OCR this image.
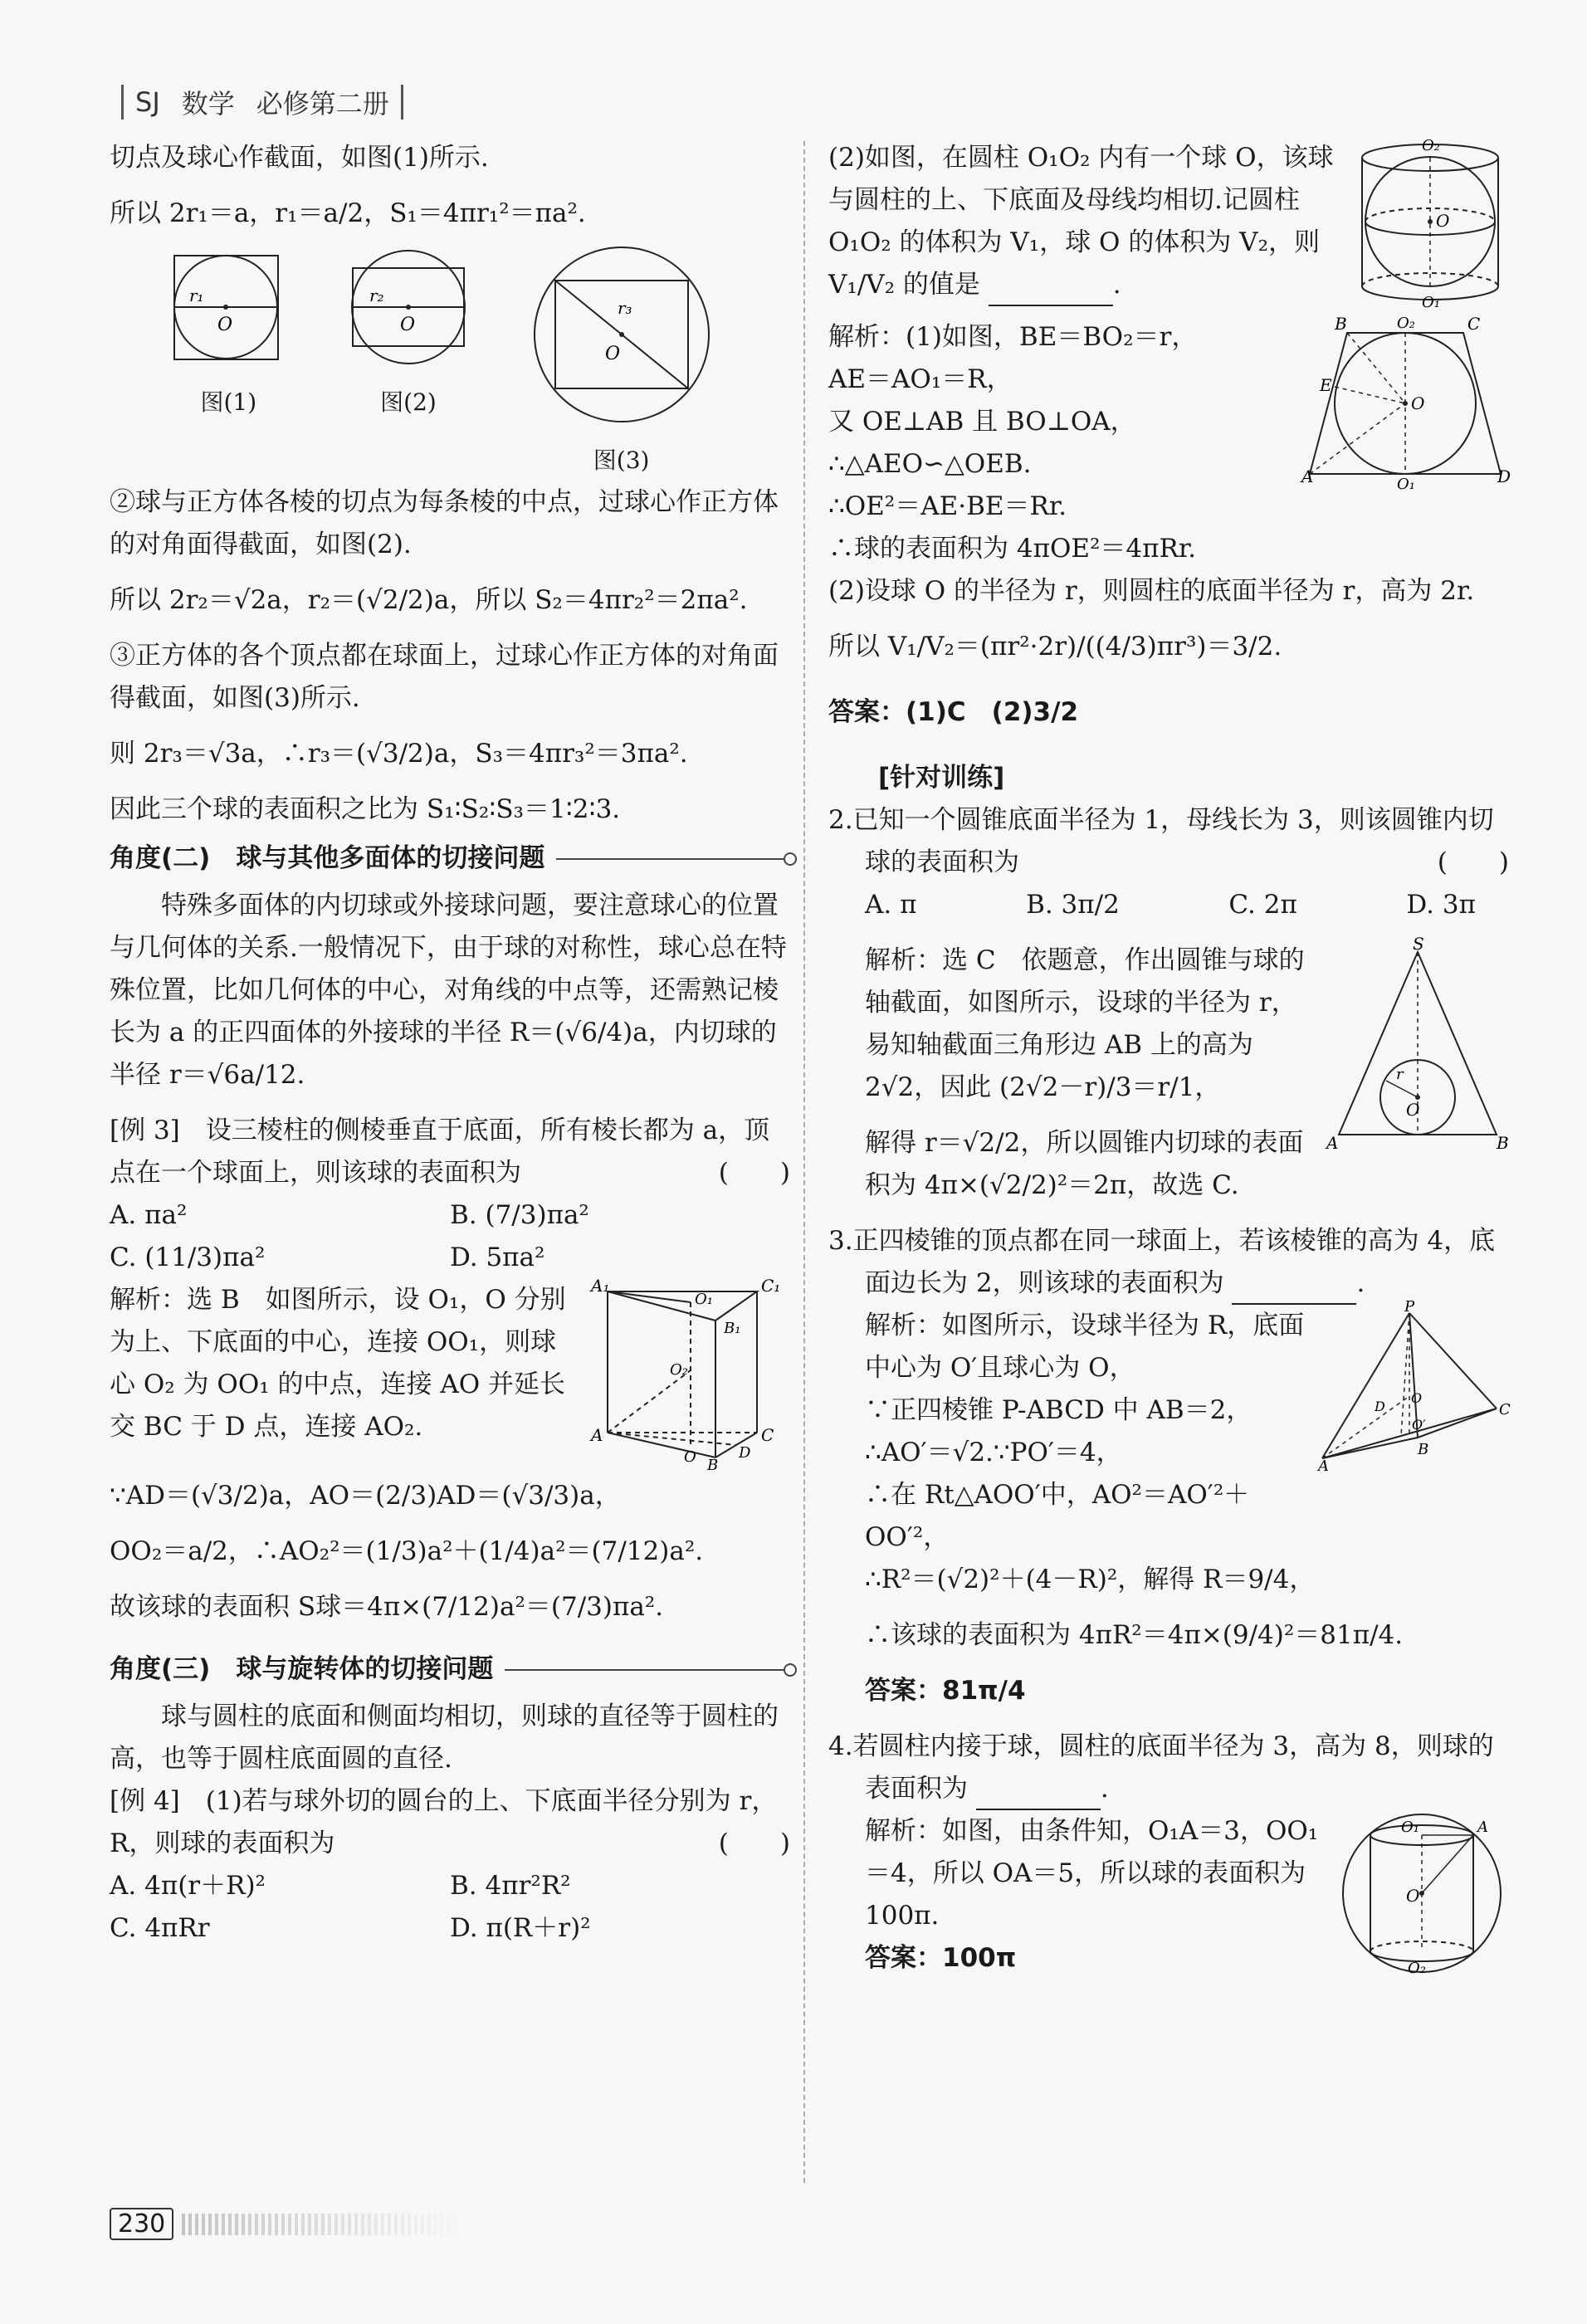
SJ 数学 必修第二册

切点及球心作截面，如图(1)所示.

所以 2r₁＝a，r₁＝a/2，S₁＝4πr₁²＝πa².

r₁
O
图(1)
r₂
O
图(2)
r₃
O
图(3)

②球与正方体各棱的切点为每条棱的中点，过球心作正方体的对角面得截面，如图(2).

所以 2r₂＝√2a，r₂＝(√2/2)a，所以 S₂＝4πr₂²＝2πa².

③正方体的各个顶点都在球面上，过球心作正方体的对角面得截面，如图(3)所示.

则 2r₃＝√3a，∴r₃＝(√3/2)a，S₃＝4πr₃²＝3πa².

因此三个球的表面积之比为 S₁∶S₂∶S₃＝1∶2∶3.

角度(二)　球与其他多面体的切接问题

特殊多面体的内切球或外接球问题，要注意球心的位置与几何体的关系.一般情况下，由于球的对称性，球心总在特殊位置，比如几何体的中心，对角线的中点等，还需熟记棱长为 a 的正四面体的外接球的半径 R＝(√6/4)a，内切球的半径 r＝√6a/12.

[例 3]　设三棱柱的侧棱垂直于底面，所有棱长都为 a，顶点在一个球面上，则该球的表面积为	(　　)

A. πa²	B. (7/3)πa²
C. (11/3)πa²	D. 5πa²
A₁	C₁
O₁
B₁
O₂
A	C
O B
D

解析：选 B　如图所示，设 O₁，O 分别为上、下底面的中心，连接 OO₁，则球心 O₂ 为 OO₁ 的中点，连接 AO 并延长交 BC 于 D 点，连接 AO₂.

∵AD＝(√3/2)a，AO＝(2/3)AD＝(√3/3)a，

OO₂＝a/2，∴AO₂²＝(1/3)a²＋(1/4)a²＝(7/12)a².

故该球的表面积 S球＝4π×(7/12)a²＝(7/3)πa².

角度(三)　球与旋转体的切接问题

球与圆柱的底面和侧面均相切，则球的直径等于圆柱的高，也等于圆柱底面圆的直径.

[例 4]　(1)若与球外切的圆台的上、下底面半径分别为 r，R，则球的表面积为	(　　)

A. 4π(r＋R)²	B. 4πr²R²
C. 4πRr	D. π(R＋r)²
O₂
O
O₁

(2)如图，在圆柱 O₁O₂ 内有一个球 O，该球与圆柱的上、下底面及母线均相切.记圆柱 O₁O₂ 的体积为 V₁，球 O 的体积为 V₂，则 V₁/V₂ 的值是	.

B	O₂	C
E
O
A	O₁	D

解析：(1)如图，BE＝BO₂＝r，

AE＝AO₁＝R，

又 OE⊥AB 且 BO⊥OA，

∴△AEO∽△OEB.

∴OE²＝AE·BE＝Rr.

∴球的表面积为 4πOE²＝4πRr.

(2)设球 O 的半径为 r，则圆柱的底面半径为 r，高为 2r.

所以 V₁/V₂＝(πr²·2r)/((4/3)πr³)＝3/2.

答案：(1)C　(2)3/2

[针对训练]

2.已知一个圆锥底面半径为 1，母线长为 3，则该圆锥内切球的表面积为	(　　)

A. π	B. 3π/2	C. 2π	D. 3π
S
r
O
A	B

解析：选 C　依题意，作出圆锥与球的轴截面，如图所示，设球的半径为 r，易知轴截面三角形边 AB 上的高为 2√2，因此 (2√2－r)/3＝r/1，

解得 r＝√2/2，所以圆锥内切球的表面积为 4π×(√2/2)²＝2π，故选 C.

3.正四棱锥的顶点都在同一球面上，若该棱锥的高为 4，底面边长为 2，则该球的表面积为	.

P
D
O
O′
A
C
B

解析：如图所示，设球半径为 R，底面中心为 O′且球心为 O，

∵正四棱锥 P-ABCD 中 AB＝2，

∴AO′＝√2.∵PO′＝4，

∴在 Rt△AOO′中，AO²＝AO′²＋OO′²，

∴R²＝(√2)²＋(4－R)²，解得 R＝9/4，

∴该球的表面积为 4πR²＝4π×(9/4)²＝81π/4.

答案：81π/4

4.若圆柱内接于球，圆柱的底面半径为 3，高为 8，则球的表面积为	.

O₁	A
O
O₂

解析：如图，由条件知，O₁A＝3，OO₁＝4，所以 OA＝5，所以球的表面积为 100π.

答案：100π

230
